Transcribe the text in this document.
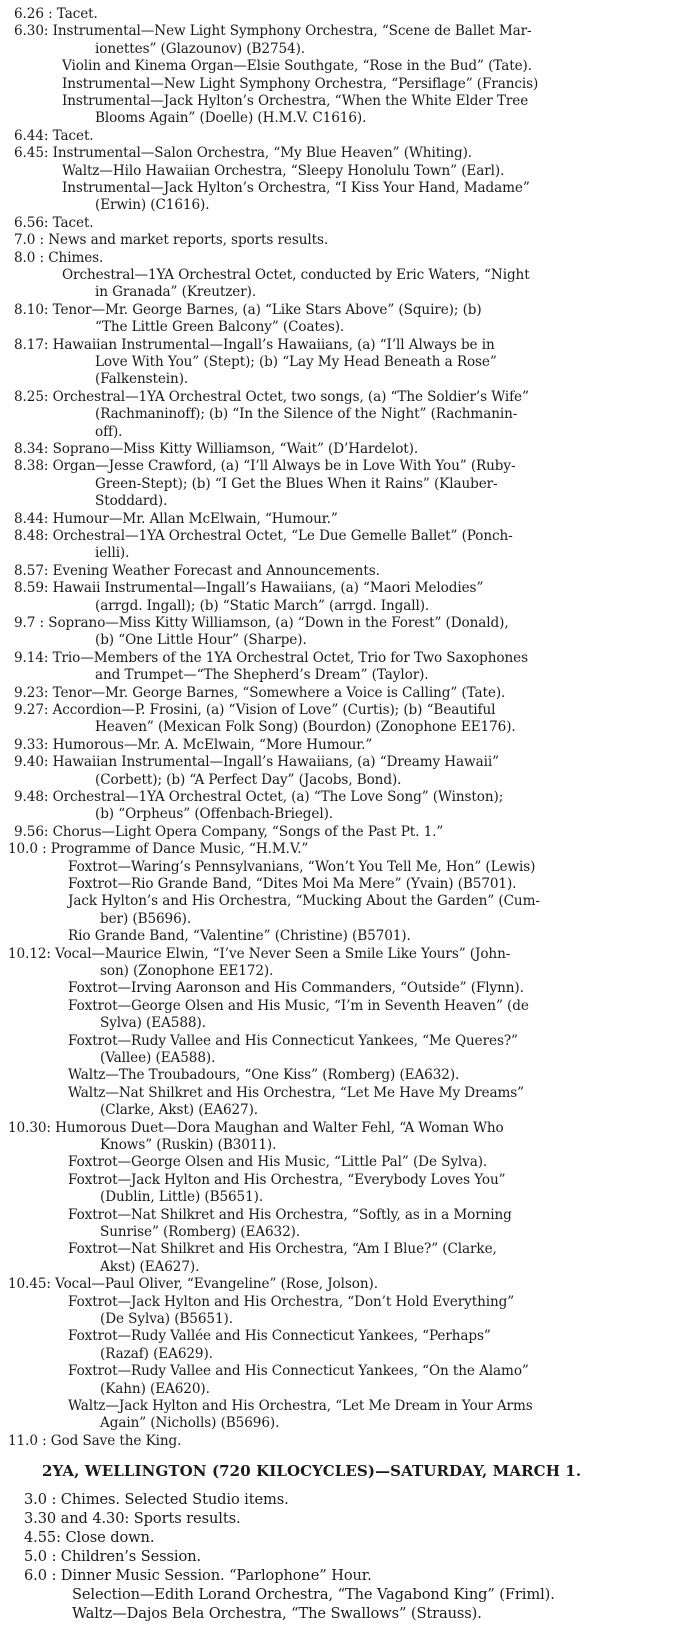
6.26 : Tacet.

6.30: Instrumental—New Light Symphony Orchestra, “Scene de Ballet Mar-

ionettes” (Glazounov) (B2754).

Violin and Kinema Organ—Elsie Southgate, “Rose in the Bud” (Tate).

Instrumental—New Light Symphony Orchestra, “Persiflage” (Francis)

Instrumental—Jack Hylton’s Orchestra, “When the White Elder Tree

Blooms Again” (Doelle) (H.M.V. C1616).

6.44: Tacet.

6.45: Instrumental—Salon Orchestra, “My Blue Heaven” (Whiting).

Waltz—Hilo Hawaiian Orchestra, “Sleepy Honolulu Town” (Earl).

Instrumental—Jack Hylton’s Orchestra, “I Kiss Your Hand, Madame”

(Erwin) (C1616).

6.56: Tacet.

7.0 : News and market reports, sports results.

8.0 : Chimes.

Orchestral—1YA Orchestral Octet, conducted by Eric Waters, “Night

in Granada” (Kreutzer).

8.10: Tenor—Mr. George Barnes, (a) “Like Stars Above” (Squire); (b)

“The Little Green Balcony” (Coates).

8.17: Hawaiian Instrumental—Ingall’s Hawaiians, (a) “I’ll Always be in

Love With You” (Stept); (b) “Lay My Head Beneath a Rose”

(Falkenstein).

8.25: Orchestral—1YA Orchestral Octet, two songs, (a) “The Soldier’s Wife”

(Rachmaninoff); (b) “In the Silence of the Night” (Rachmanin-

off).

8.34: Soprano—Miss Kitty Williamson, “Wait” (D’Hardelot).

8.38: Organ—Jesse Crawford, (a) “I’ll Always be in Love With You” (Ruby-

Green-Stept); (b) “I Get the Blues When it Rains” (Klauber-

Stoddard).

8.44: Humour—Mr. Allan McElwain, “Humour.”

8.48: Orchestral—1YA Orchestral Octet, “Le Due Gemelle Ballet” (Ponch-

ielli).

8.57: Evening Weather Forecast and Announcements.

8.59: Hawaii Instrumental—Ingall’s Hawaiians, (a) “Maori Melodies”

(arrgd. Ingall); (b) “Static March” (arrgd. Ingall).

9.7 : Soprano—Miss Kitty Williamson, (a) “Down in the Forest” (Donald),

(b) “One Little Hour” (Sharpe).

9.14: Trio—Members of the 1YA Orchestral Octet, Trio for Two Saxophones

and Trumpet—“The Shepherd’s Dream” (Taylor).

9.23: Tenor—Mr. George Barnes, “Somewhere a Voice is Calling” (Tate).

9.27: Accordion—P. Frosini, (a) “Vision of Love” (Curtis); (b) “Beautiful

Heaven” (Mexican Folk Song) (Bourdon) (Zonophone EE176).

9.33: Humorous—Mr. A. McElwain, “More Humour.”

9.40: Hawaiian Instrumental—Ingall’s Hawaiians, (a) “Dreamy Hawaii”

(Corbett); (b) “A Perfect Day” (Jacobs, Bond).

9.48: Orchestral—1YA Orchestral Octet, (a) “The Love Song” (Winston);

(b) “Orpheus” (Offenbach-Briegel).

9.56: Chorus—Light Opera Company, “Songs of the Past Pt. 1.”

10.0 : Programme of Dance Music, “H.M.V.”

Foxtrot—Waring’s Pennsylvanians, “Won’t You Tell Me, Hon” (Lewis)

Foxtrot—Rio Grande Band, “Dites Moi Ma Mere” (Yvain) (B5701).

Jack Hylton’s and His Orchestra, “Mucking About the Garden” (Cum-

ber) (B5696).

Rio Grande Band, “Valentine” (Christine) (B5701).

10.12: Vocal—Maurice Elwin, “I’ve Never Seen a Smile Like Yours” (John-

son) (Zonophone EE172).

Foxtrot—Irving Aaronson and His Commanders, “Outside” (Flynn).

Foxtrot—George Olsen and His Music, “I’m in Seventh Heaven” (de

Sylva) (EA588).

Foxtrot—Rudy Vallee and His Connecticut Yankees, “Me Queres?”

(Vallee) (EA588).

Waltz—The Troubadours, “One Kiss” (Romberg) (EA632).

Waltz—Nat Shilkret and His Orchestra, “Let Me Have My Dreams”

(Clarke, Akst) (EA627).

10.30: Humorous Duet—Dora Maughan and Walter Fehl, “A Woman Who

Knows” (Ruskin) (B3011).

Foxtrot—George Olsen and His Music, “Little Pal” (De Sylva).

Foxtrot—Jack Hylton and His Orchestra, “Everybody Loves You”

(Dublin, Little) (B5651).

Foxtrot—Nat Shilkret and His Orchestra, “Softly, as in a Morning

Sunrise” (Romberg) (EA632).

Foxtrot—Nat Shilkret and His Orchestra, “Am I Blue?” (Clarke,

Akst) (EA627).

10.45: Vocal—Paul Oliver, “Evangeline” (Rose, Jolson).

Foxtrot—Jack Hylton and His Orchestra, “Don’t Hold Everything”

(De Sylva) (B5651).

Foxtrot—Rudy Vallée and His Connecticut Yankees, “Perhaps”

(Razaf) (EA629).

Foxtrot—Rudy Vallee and His Connecticut Yankees, “On the Alamo”

(Kahn) (EA620).

Waltz—Jack Hylton and His Orchestra, “Let Me Dream in Your Arms

Again” (Nicholls) (B5696).

11.0 : God Save the King.

2YA, WELLINGTON (720 KILOCYCLES)—SATURDAY, MARCH 1.

3.0 : Chimes. Selected Studio items.

3.30 and 4.30: Sports results.

4.55: Close down.

5.0 : Children’s Session.

6.0 : Dinner Music Session. “Parlophone” Hour.

Selection—Edith Lorand Orchestra, “The Vagabond King” (Friml).

Waltz—Dajos Bela Orchestra, “The Swallows” (Strauss).
